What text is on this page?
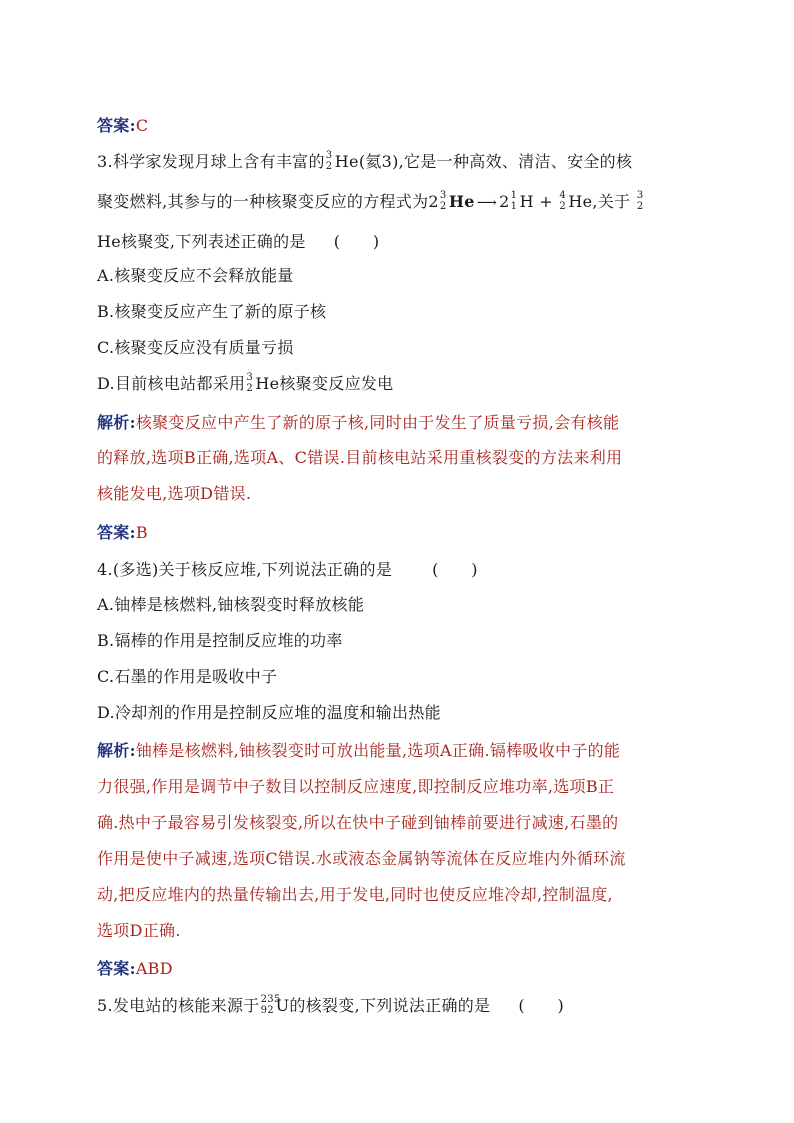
答案:C
3.科学家发现月球上含有丰富的 3
2 He(氦3),它是一种高效、清洁、安全的核
聚变燃料,其参与的一种核聚变反应的方程式为2 3
2 He ⟶ 2 1
1 H + 4
2 He,关于 3
2
He核聚变,下列表述正确的是 (　　)
A.核聚变反应不会释放能量
B.核聚变反应产生了新的原子核
C.核聚变反应没有质量亏损
D.目前核电站都采用 3
2 He核聚变反应发电
解析:核聚变反应中产生了新的原子核,同时由于发生了质量亏损,会有核能
的释放,选项B正确,选项A、C错误.目前核电站采用重核裂变的方法来利用
核能发电,选项D错误.
答案:B
4.(多选)关于核反应堆,下列说法正确的是	(　　)
A.铀棒是核燃料,铀核裂变时释放核能
B.镉棒的作用是控制反应堆的功率
C.石墨的作用是吸收中子
D.冷却剂的作用是控制反应堆的温度和输出热能
解析:铀棒是核燃料,铀核裂变时可放出能量,选项A正确.镉棒吸收中子的能
力很强,作用是调节中子数目以控制反应速度,即控制反应堆功率,选项B正
确.热中子最容易引发核裂变,所以在快中子碰到铀棒前要进行减速,石墨的
作用是使中子减速,选项C错误.水或液态金属钠等流体在反应堆内外循环流
动,把反应堆内的热量传输出去,用于发电,同时也使反应堆冷却,控制温度,
选项D正确.
答案:ABD
5.发电站的核能来源于 235
92 U的核裂变,下列说法正确的是 (　　)
